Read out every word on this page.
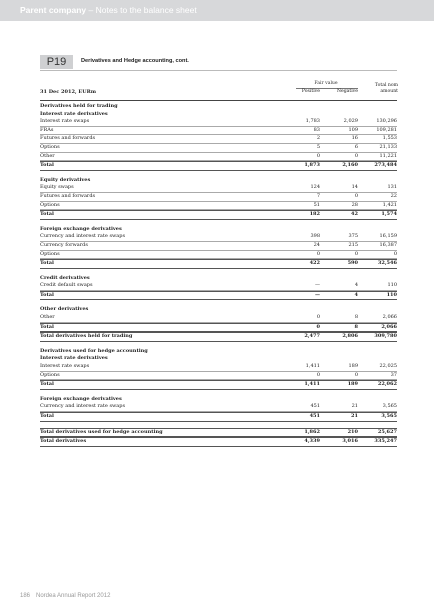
Parent company – Notes to the balance sheet
P19	Derivatives and Hedge accounting, cont.
Fair value	Total nom
amount
31 Dec 2012, EURm	Positive	Negative
Derivatives held for trading
Interest rate derivatives
Interest rate swaps	1,783	2,029	130,296
FRAs	83	109	109,281
Futures and forwards	2	16	1,553
Options	5	6	21,133
Other	0	0	11,221
Total	1,873	2,160	273,484
Equity derivatives
Equity swaps	124	14	131
Futures and forwards	7	0	22
Options	51	28	1,421
Total	182	42	1,574
Foreign exchange derivatives
Currency and interest rate swaps	398	375	16,159
Currency forwards	24	215	16,387
Options	0	0	0
Total	422	590	32,546
Credit derivatives
Credit default swaps	—	4	110
Total	—	4	110
Other derivatives
Other	0	8	2,066
Total	0	8	2,066
Total derivatives held for trading	2,477	2,806	309,780
Derivatives used for hedge accounting
Interest rate derivatives
Interest rate swaps	1,411	189	22,025
Options	0	0	37
Total	1,411	189	22,062
Foreign exchange derivatives
Currency and interest rate swaps	451	21	3,565
Total	451	21	3,565
Total derivatives used for hedge accounting	1,862	210	25,627
Total derivatives	4,339	3,016	335,247
186 Nordea Annual Report 2012
